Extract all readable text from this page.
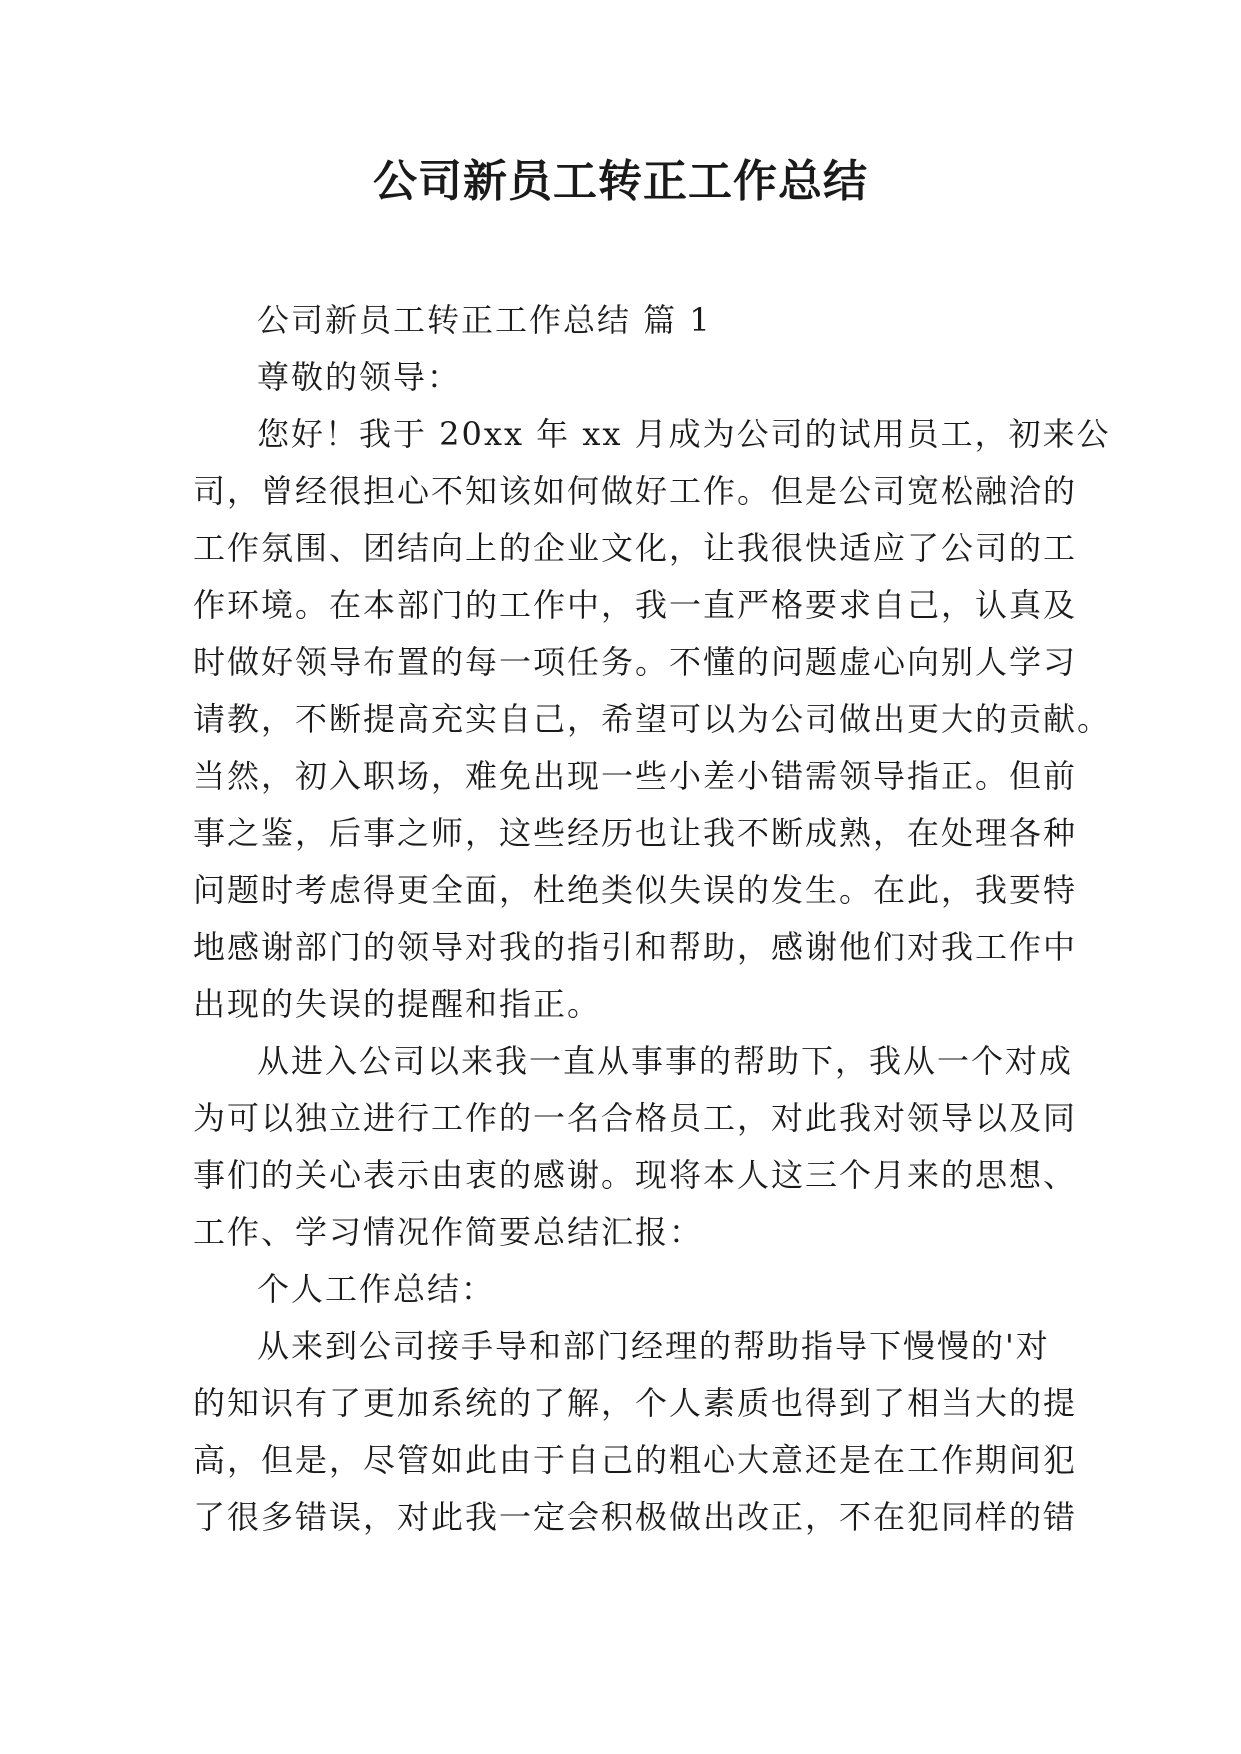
公司新员工转正工作总结
公司新员工转正工作总结 篇 1
尊敬的领导：
您好！我于 20xx 年 xx 月成为公司的试用员工，初来公
司，曾经很担心不知该如何做好工作。但是公司宽松融洽的
工作氛围、团结向上的企业文化，让我很快适应了公司的工
作环境。在本部门的工作中，我一直严格要求自己，认真及
时做好领导布置的每一项任务。不懂的问题虚心向别人学习
请教，不断提高充实自己，希望可以为公司做出更大的贡献。
当然，初入职场，难免出现一些小差小错需领导指正。但前
事之鉴，后事之师，这些经历也让我不断成熟，在处理各种
问题时考虑得更全面，杜绝类似失误的发生。在此，我要特
地感谢部门的领导对我的指引和帮助，感谢他们对我工作中
出现的失误的提醒和指正。
从进入公司以来我一直从事事的帮助下，我从一个对成
为可以独立进行工作的一名合格员工，对此我对领导以及同
事们的关心表示由衷的感谢。现将本人这三个月来的思想、
工作、学习情况作简要总结汇报：
个人工作总结：
从来到公司接手导和部门经理的帮助指导下慢慢的'对
的知识有了更加系统的了解，个人素质也得到了相当大的提
高，但是，尽管如此由于自己的粗心大意还是在工作期间犯
了很多错误，对此我一定会积极做出改正，不在犯同样的错
